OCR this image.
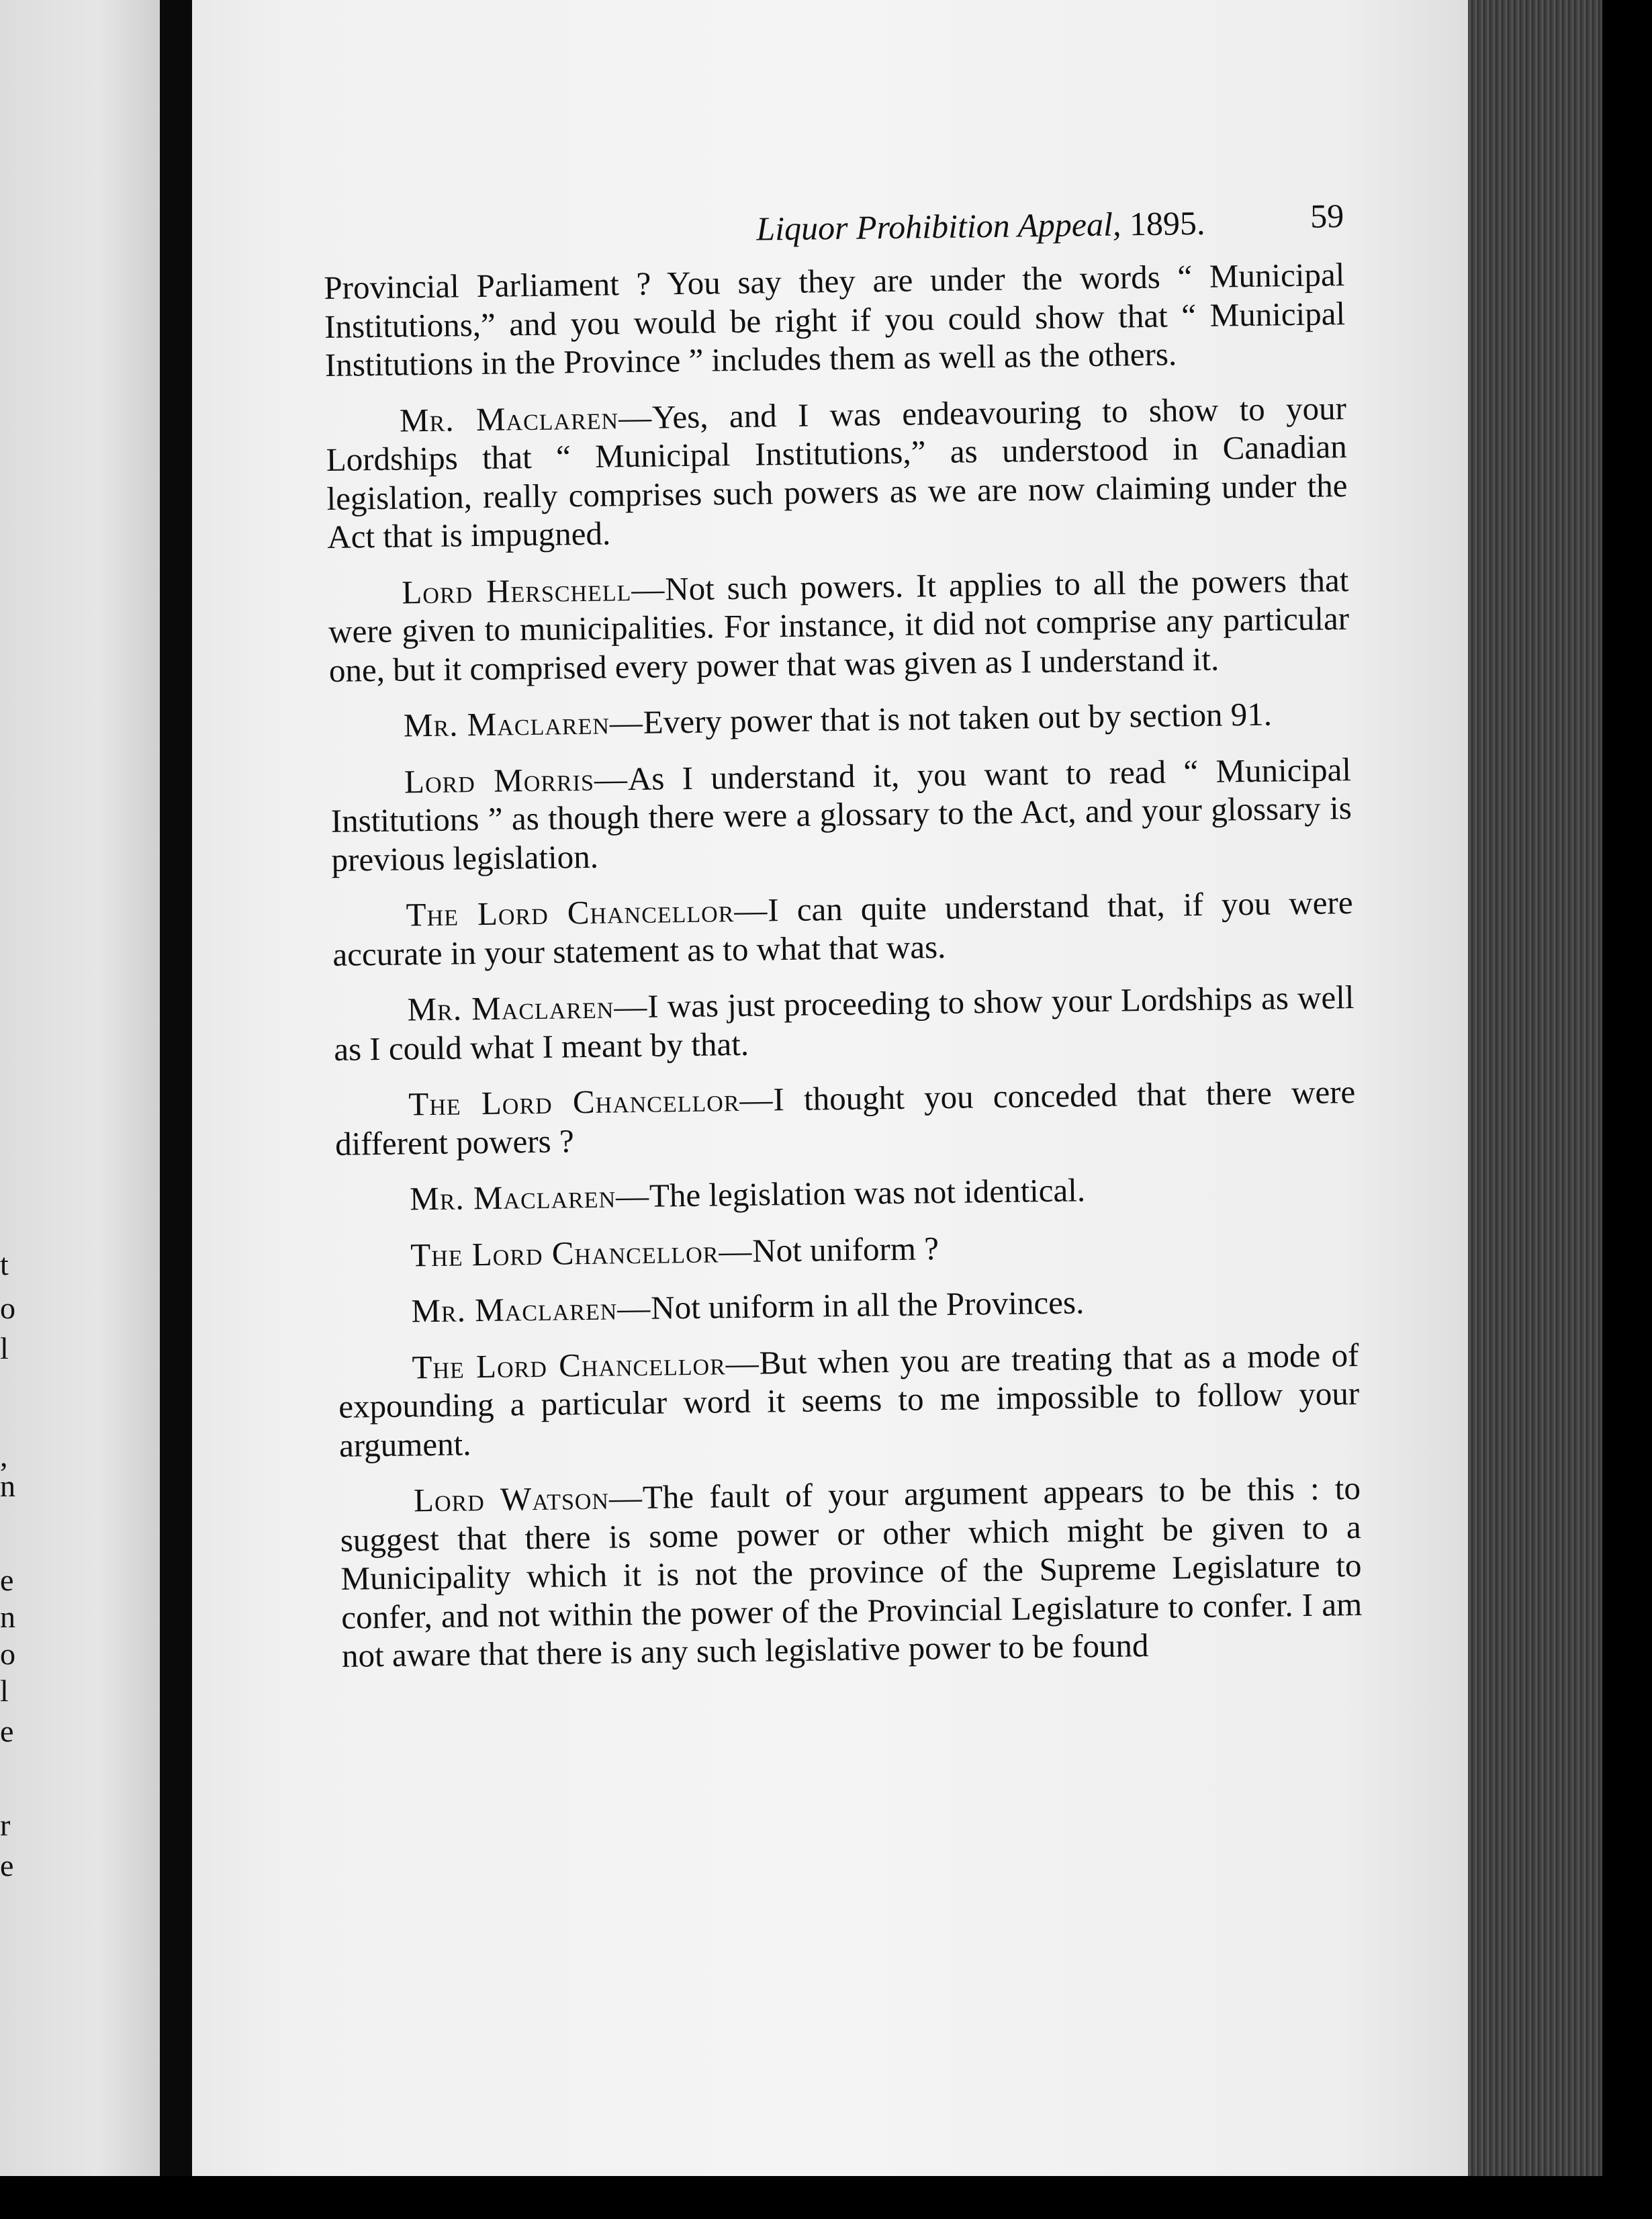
t
o
l
,
n
e
n
o
l
e
r
e
Liquor Prohibition Appeal, 1895.	59

Provincial Parliament ? You say they are under the words “ Municipal Institutions,” and you would be right if you could show that “ Municipal Institutions in the Province ” includes them as well as the others.

Mr. Maclaren—Yes, and I was endeavouring to show to your Lordships that “ Municipal Institutions,” as understood in Canadian legislation, really comprises such powers as we are now claiming under the Act that is impugned.

Lord Herschell—Not such powers. It applies to all the powers that were given to municipalities. For instance, it did not comprise any particular one, but it comprised every power that was given as I understand it.

Mr. Maclaren—Every power that is not taken out by section 91.

Lord Morris—As I understand it, you want to read “ Municipal Institutions ” as though there were a glossary to the Act, and your glossary is previous legislation.

The Lord Chancellor—I can quite understand that, if you were accurate in your statement as to what that was.

Mr. Maclaren—I was just proceeding to show your Lordships as well as I could what I meant by that.

The Lord Chancellor—I thought you conceded that there were different powers ?

Mr. Maclaren—The legislation was not identical.

The Lord Chancellor—Not uniform ?

Mr. Maclaren—Not uniform in all the Provinces.

The Lord Chancellor—But when you are treating that as a mode of expounding a particular word it seems to me impossible to follow your argument.

Lord Watson—The fault of your argument appears to be this : to suggest that there is some power or other which might be given to a Municipality which it is not the province of the Supreme Legislature to confer, and not within the power of the Provincial Legislature to confer. I am not aware that there is any such legislative power to be found
